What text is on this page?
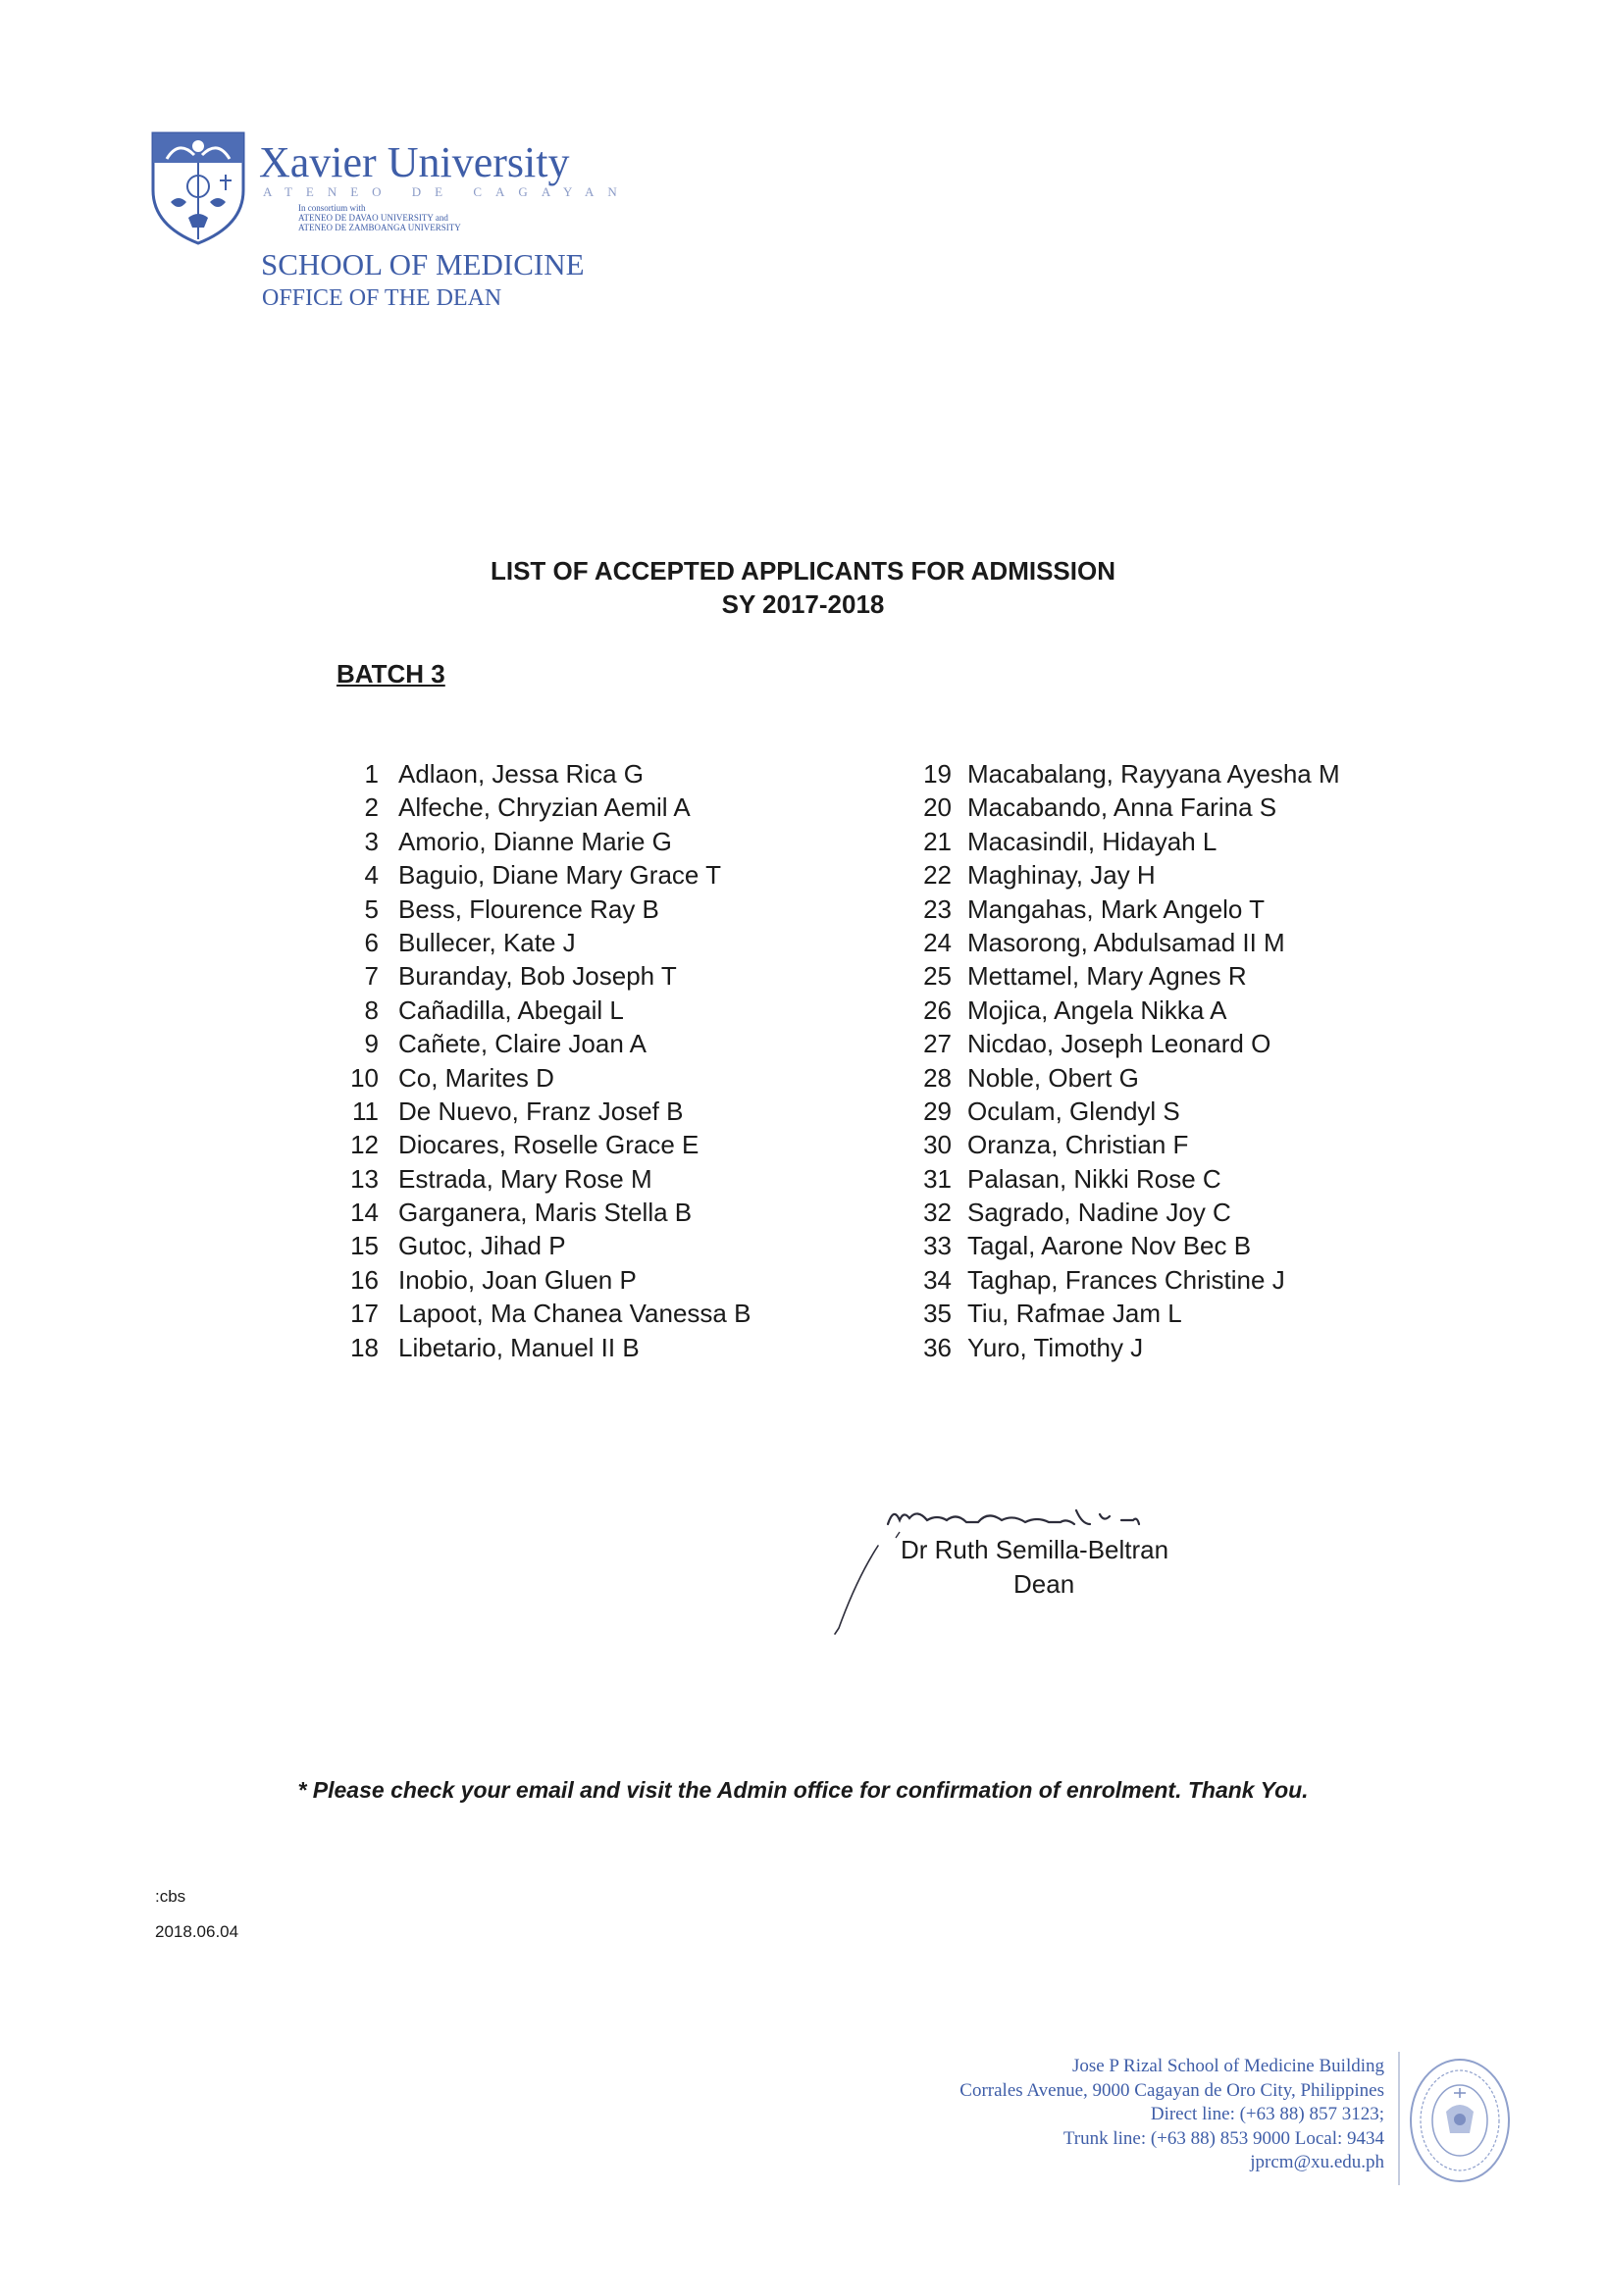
Xavier University
ATENEO DE CAGAYAN
In consortium with
ATENEO DE DAVAO UNIVERSITY and
ATENEO DE ZAMBOANGA UNIVERSITY
SCHOOL OF MEDICINE
OFFICE OF THE DEAN
LIST OF ACCEPTED APPLICANTS FOR ADMISSION
SY 2017-2018
BATCH 3
1 Adlaon, Jessa Rica G
2 Alfeche, Chryzian Aemil A
3 Amorio, Dianne Marie G
4 Baguio, Diane Mary Grace T
5 Bess, Flourence Ray B
6 Bullecer, Kate J
7 Buranday, Bob Joseph T
8 Cañadilla, Abegail L
9 Cañete, Claire Joan A
10 Co, Marites D
11 De Nuevo, Franz Josef B
12 Diocares, Roselle Grace E
13 Estrada, Mary Rose M
14 Garganera, Maris Stella B
15 Gutoc, Jihad P
16 Inobio, Joan Gluen P
17 Lapoot, Ma Chanea Vanessa B
18 Libetario, Manuel II B
19 Macabalang, Rayyana Ayesha M
20 Macabando, Anna Farina S
21 Macasindil, Hidayah L
22 Maghinay, Jay H
23 Mangahas, Mark Angelo T
24 Masorong, Abdulsamad II M
25 Mettamel, Mary Agnes R
26 Mojica, Angela Nikka A
27 Nicdao, Joseph Leonard O
28 Noble, Obert G
29 Oculam, Glendyl S
30 Oranza, Christian F
31 Palasan, Nikki Rose C
32 Sagrado, Nadine Joy C
33 Tagal, Aarone Nov Bec B
34 Taghap, Frances Christine J
35 Tiu, Rafmae Jam L
36 Yuro, Timothy J
Dr Ruth Semilla-Beltran
Dean
* Please check your email and visit the Admin office for confirmation of enrolment. Thank You.
:cbs
2018.06.04
Jose P Rizal School of Medicine Building
Corrales Avenue, 9000 Cagayan de Oro City, Philippines
Direct line: (+63 88) 857 3123;
Trunk line: (+63 88) 853 9000 Local: 9434
jprcm@xu.edu.ph
